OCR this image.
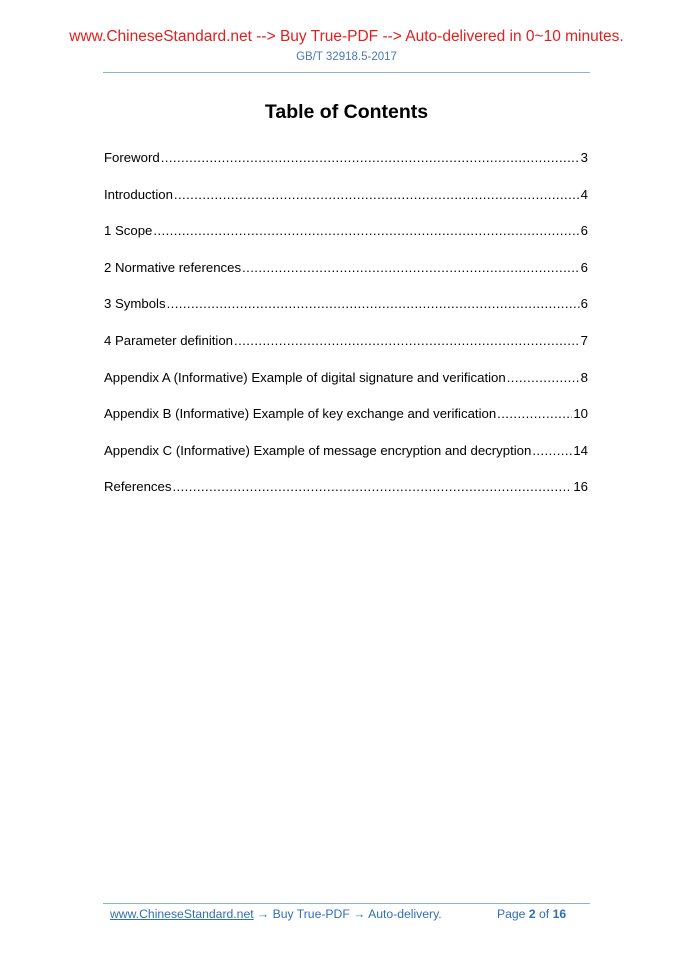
www.ChineseStandard.net --> Buy True-PDF --> Auto-delivered in 0~10 minutes.
GB/T 32918.5-2017
Table of Contents
Foreword .....	3
Introduction .....	4
1 Scope .....	6
2 Normative references .....	6
3 Symbols .....	6
4 Parameter definition .....	7
Appendix A (Informative) Example of digital signature and verification .....	8
Appendix B (Informative) Example of key exchange and verification .....	10
Appendix C (Informative) Example of message encryption and decryption .....	14
References .....	16
www.ChineseStandard.net → Buy True-PDF → Auto-delivery.	Page 2 of 16
